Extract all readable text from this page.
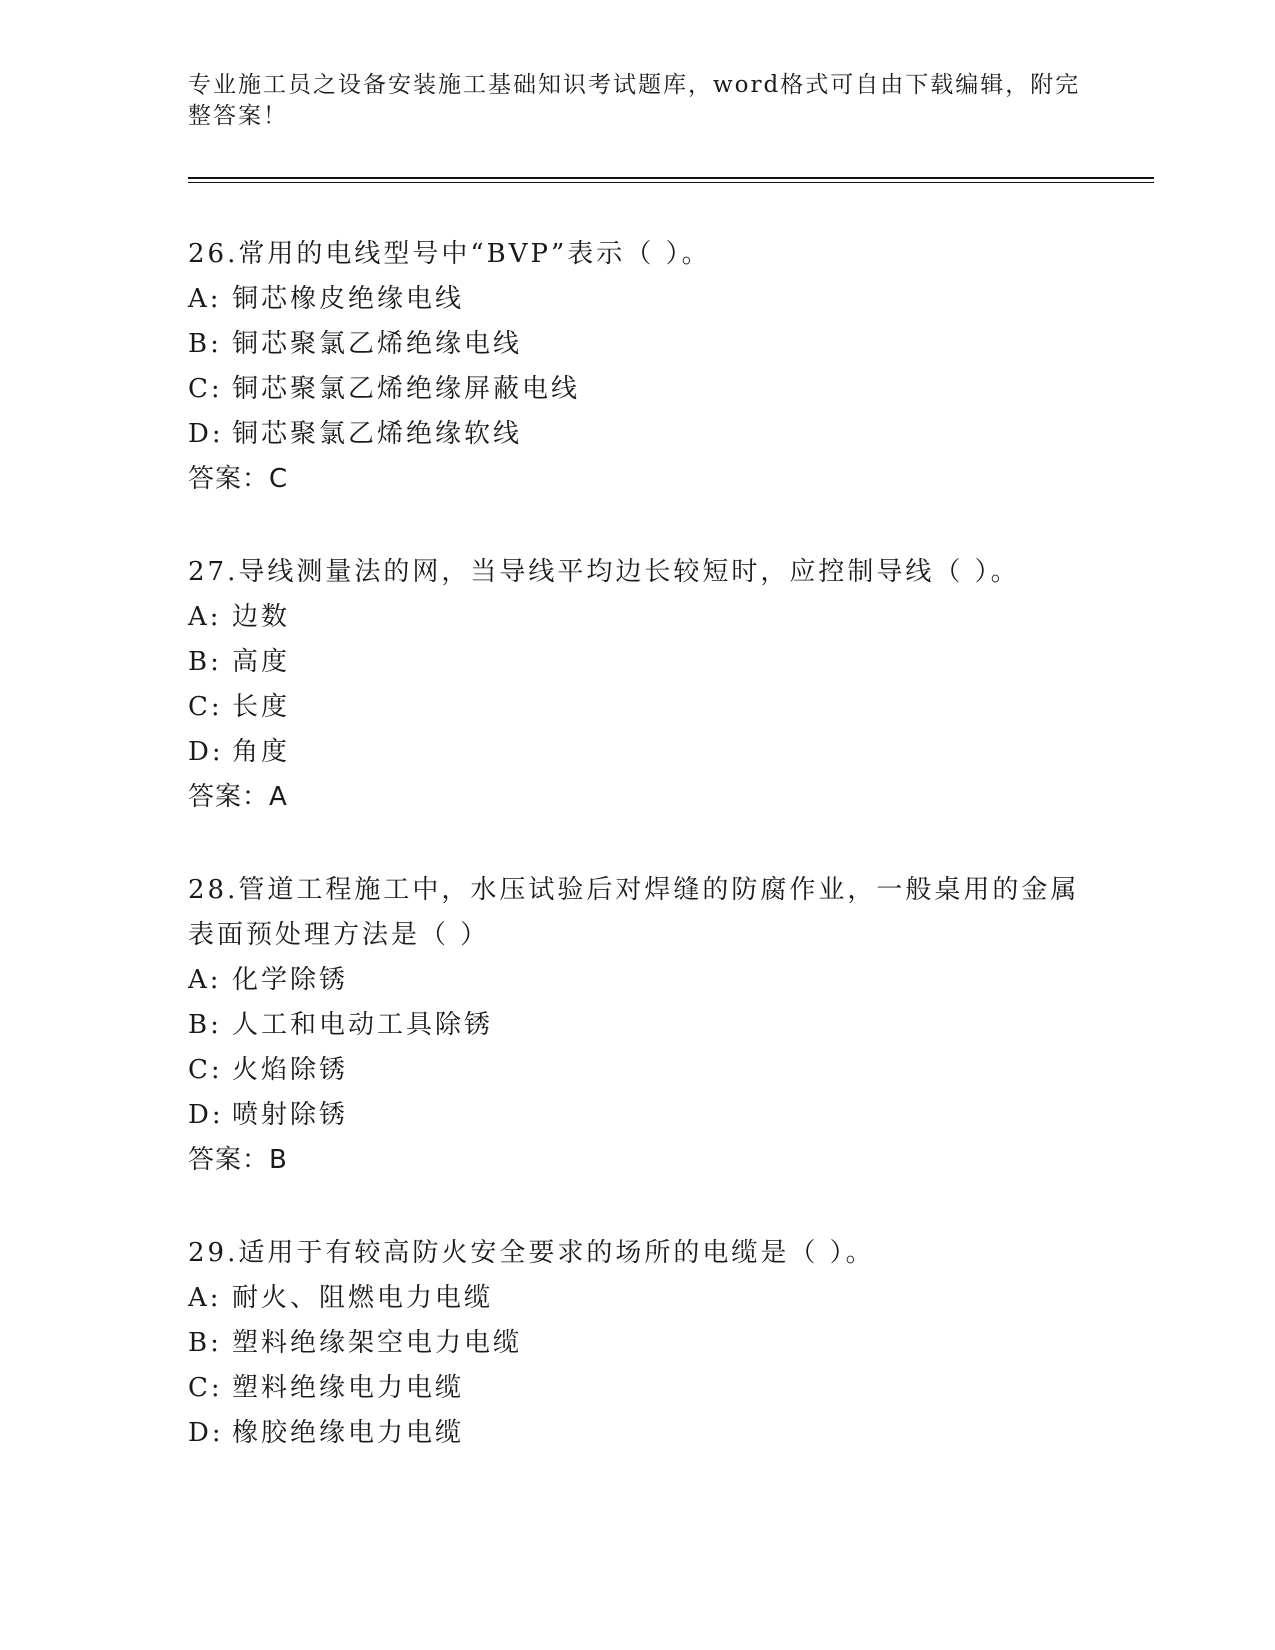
专业施工员之设备安装施工基础知识考试题库，word格式可自由下载编辑，附完整答案！
26.常用的电线型号中“BVP”表示（ ）。
A: 铜芯橡皮绝缘电线
B: 铜芯聚氯乙烯绝缘电线
C: 铜芯聚氯乙烯绝缘屏蔽电线
D: 铜芯聚氯乙烯绝缘软线
答案：C
27.导线测量法的网，当导线平均边长较短时，应控制导线（ ）。
A: 边数
B: 高度
C: 长度
D: 角度
答案：A
28.管道工程施工中，水压试验后对焊缝的防腐作业，一般桌用的金属表面预处理方法是（ ）
A: 化学除锈
B: 人工和电动工具除锈
C: 火焰除锈
D: 喷射除锈
答案：B
29.适用于有较高防火安全要求的场所的电缆是（ ）。
A: 耐火、阻燃电力电缆
B: 塑料绝缘架空电力电缆
C: 塑料绝缘电力电缆
D: 橡胶绝缘电力电缆
